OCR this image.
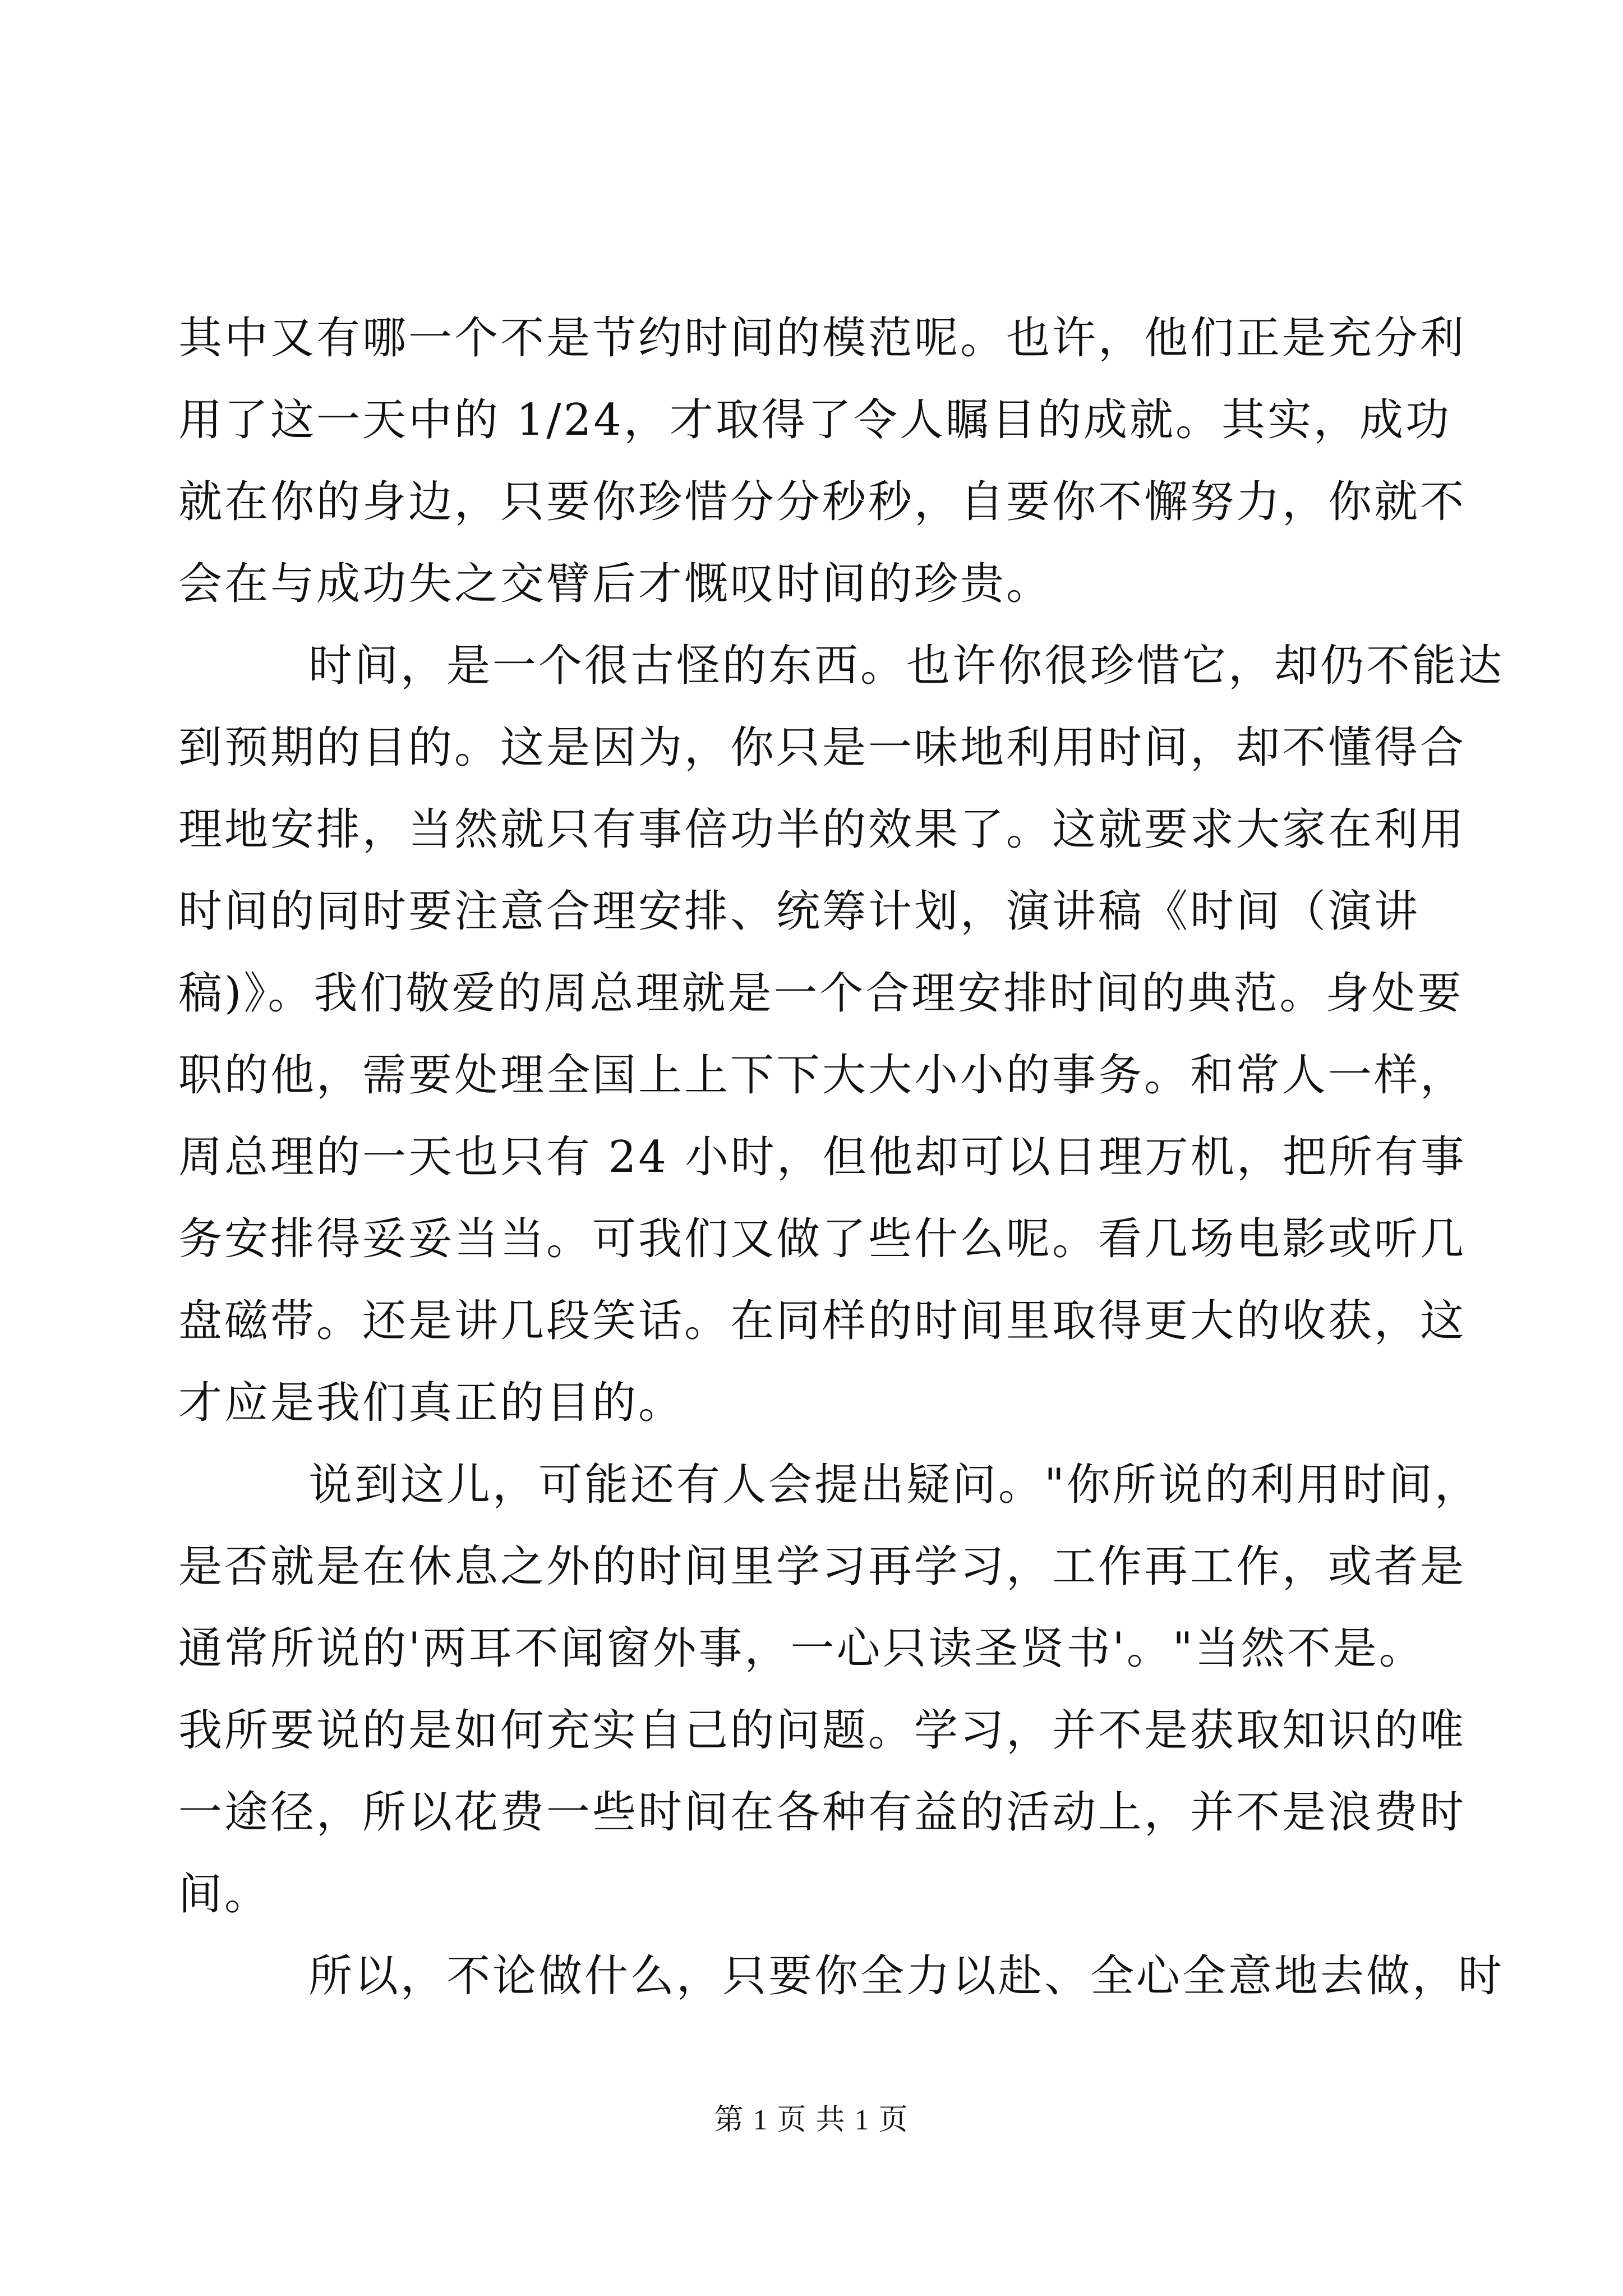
其中又有哪一个不是节约时间的模范呢。也许，他们正是充分利
用了这一天中的 1/24，才取得了令人瞩目的成就。其实，成功
就在你的身边，只要你珍惜分分秒秒，自要你不懈努力，你就不
会在与成功失之交臂后才慨叹时间的珍贵。
时间，是一个很古怪的东西。也许你很珍惜它，却仍不能达
到预期的目的。这是因为，你只是一味地利用时间，却不懂得合
理地安排，当然就只有事倍功半的效果了。这就要求大家在利用
时间的同时要注意合理安排、统筹计划，演讲稿《时间（演讲
稿)》。我们敬爱的周总理就是一个合理安排时间的典范。身处要
职的他，需要处理全国上上下下大大小小的事务。和常人一样，
周总理的一天也只有 24 小时，但他却可以日理万机，把所有事
务安排得妥妥当当。可我们又做了些什么呢。看几场电影或听几
盘磁带。还是讲几段笑话。在同样的时间里取得更大的收获，这
才应是我们真正的目的。
说到这儿，可能还有人会提出疑问。"你所说的利用时间，
是否就是在休息之外的时间里学习再学习，工作再工作，或者是
通常所说的'两耳不闻窗外事，一心只读圣贤书'。"当然不是。
我所要说的是如何充实自己的问题。学习，并不是获取知识的唯
一途径，所以花费一些时间在各种有益的活动上，并不是浪费时
间。
所以，不论做什么，只要你全力以赴、全心全意地去做，时
第 1 页 共 1 页
